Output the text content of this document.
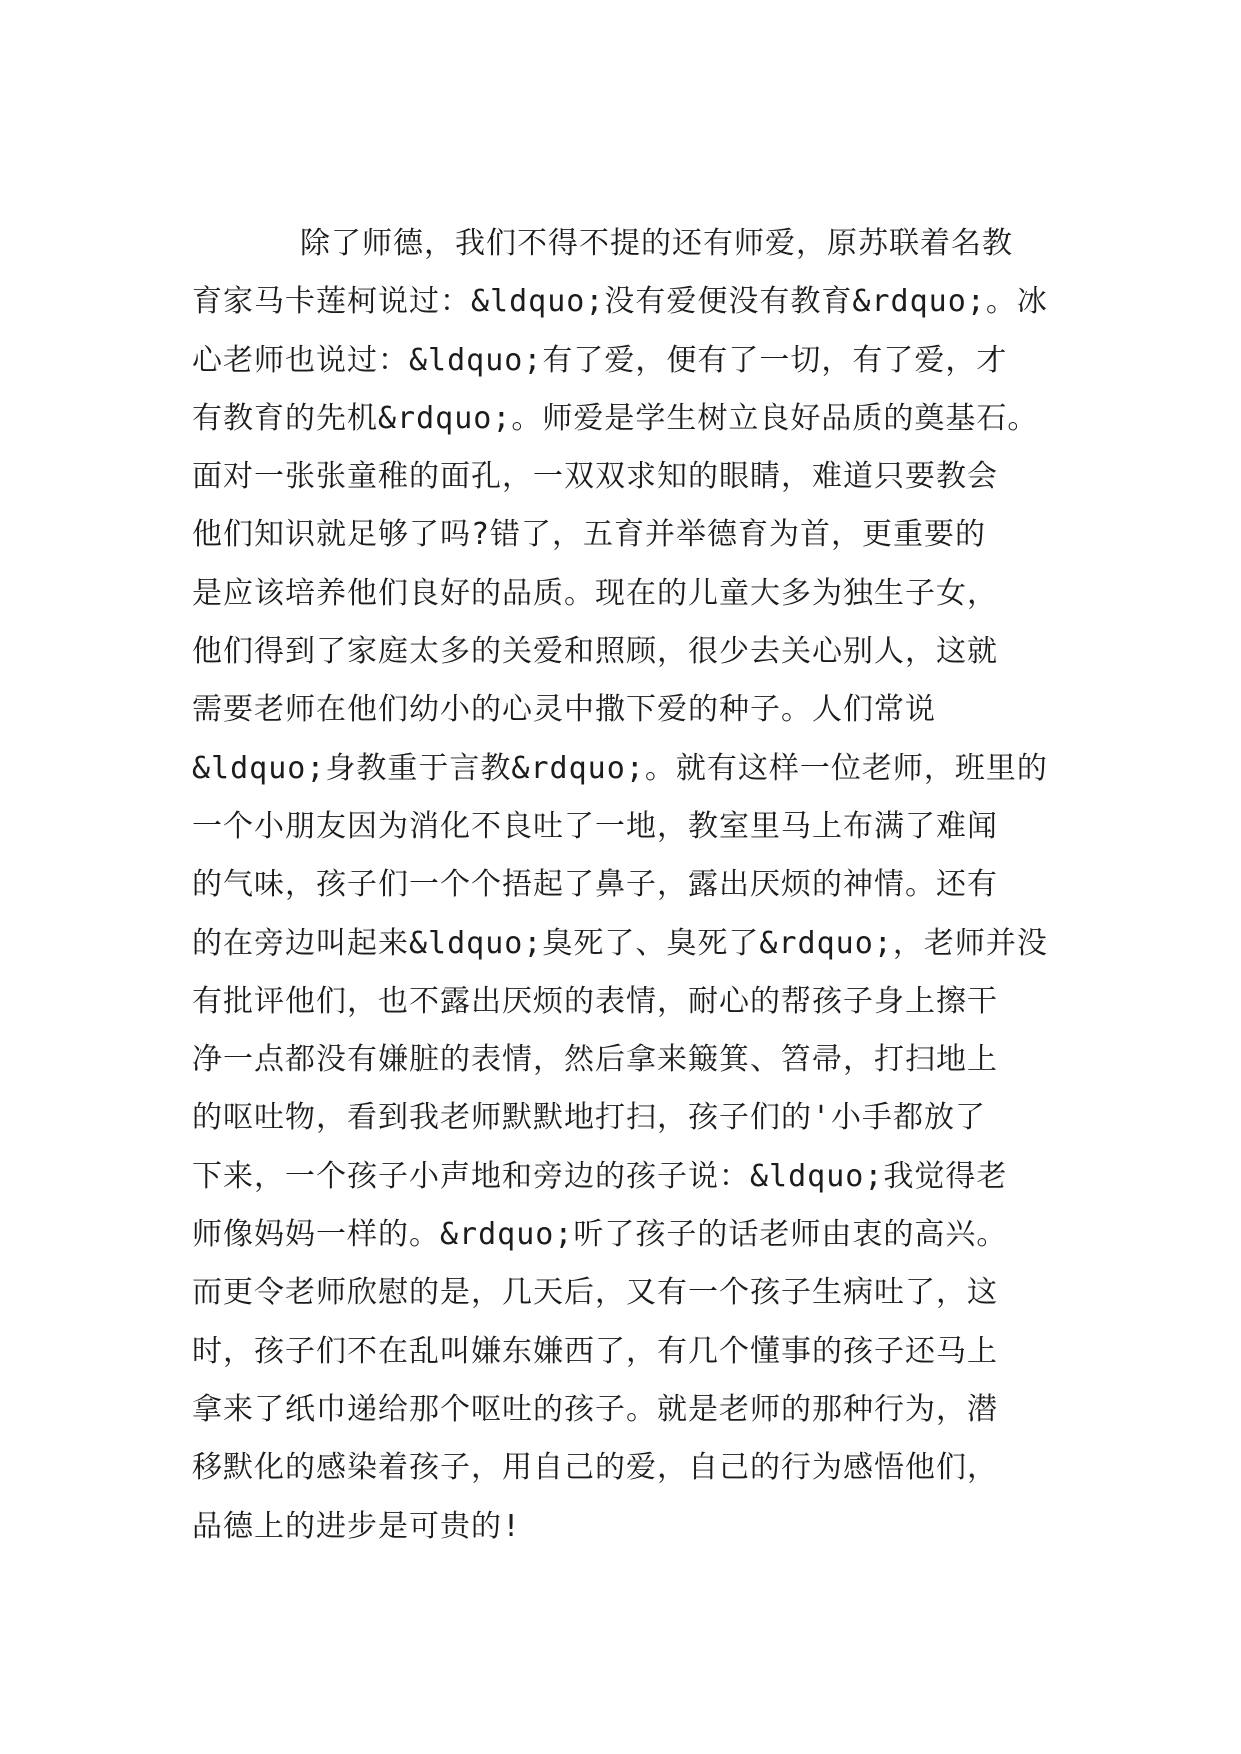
除了师德，我们不得不提的还有师爱，原苏联着名教
育家马卡莲柯说过：&ldquo;没有爱便没有教育&rdquo;。冰
心老师也说过：&ldquo;有了爱，便有了一切，有了爱，才
有教育的先机&rdquo;。师爱是学生树立良好品质的奠基石。
面对一张张童稚的面孔，一双双求知的眼睛，难道只要教会
他们知识就足够了吗?错了，五育并举德育为首，更重要的
是应该培养他们良好的品质。现在的儿童大多为独生子女，
他们得到了家庭太多的关爱和照顾，很少去关心别人，这就
需要老师在他们幼小的心灵中撒下爱的种子。人们常说
&ldquo;身教重于言教&rdquo;。就有这样一位老师，班里的
一个小朋友因为消化不良吐了一地，教室里马上布满了难闻
的气味，孩子们一个个捂起了鼻子，露出厌烦的神情。还有
的在旁边叫起来&ldquo;臭死了、臭死了&rdquo;，老师并没
有批评他们，也不露出厌烦的表情，耐心的帮孩子身上擦干
净一点都没有嫌脏的表情，然后拿来簸箕、笤帚，打扫地上
的呕吐物，看到我老师默默地打扫，孩子们的'小手都放了
下来，一个孩子小声地和旁边的孩子说：&ldquo;我觉得老
师像妈妈一样的。&rdquo;听了孩子的话老师由衷的高兴。
而更令老师欣慰的是，几天后，又有一个孩子生病吐了，这
时，孩子们不在乱叫嫌东嫌西了，有几个懂事的孩子还马上
拿来了纸巾递给那个呕吐的孩子。就是老师的那种行为，潜
移默化的感染着孩子，用自己的爱，自己的行为感悟他们，
品德上的进步是可贵的!
